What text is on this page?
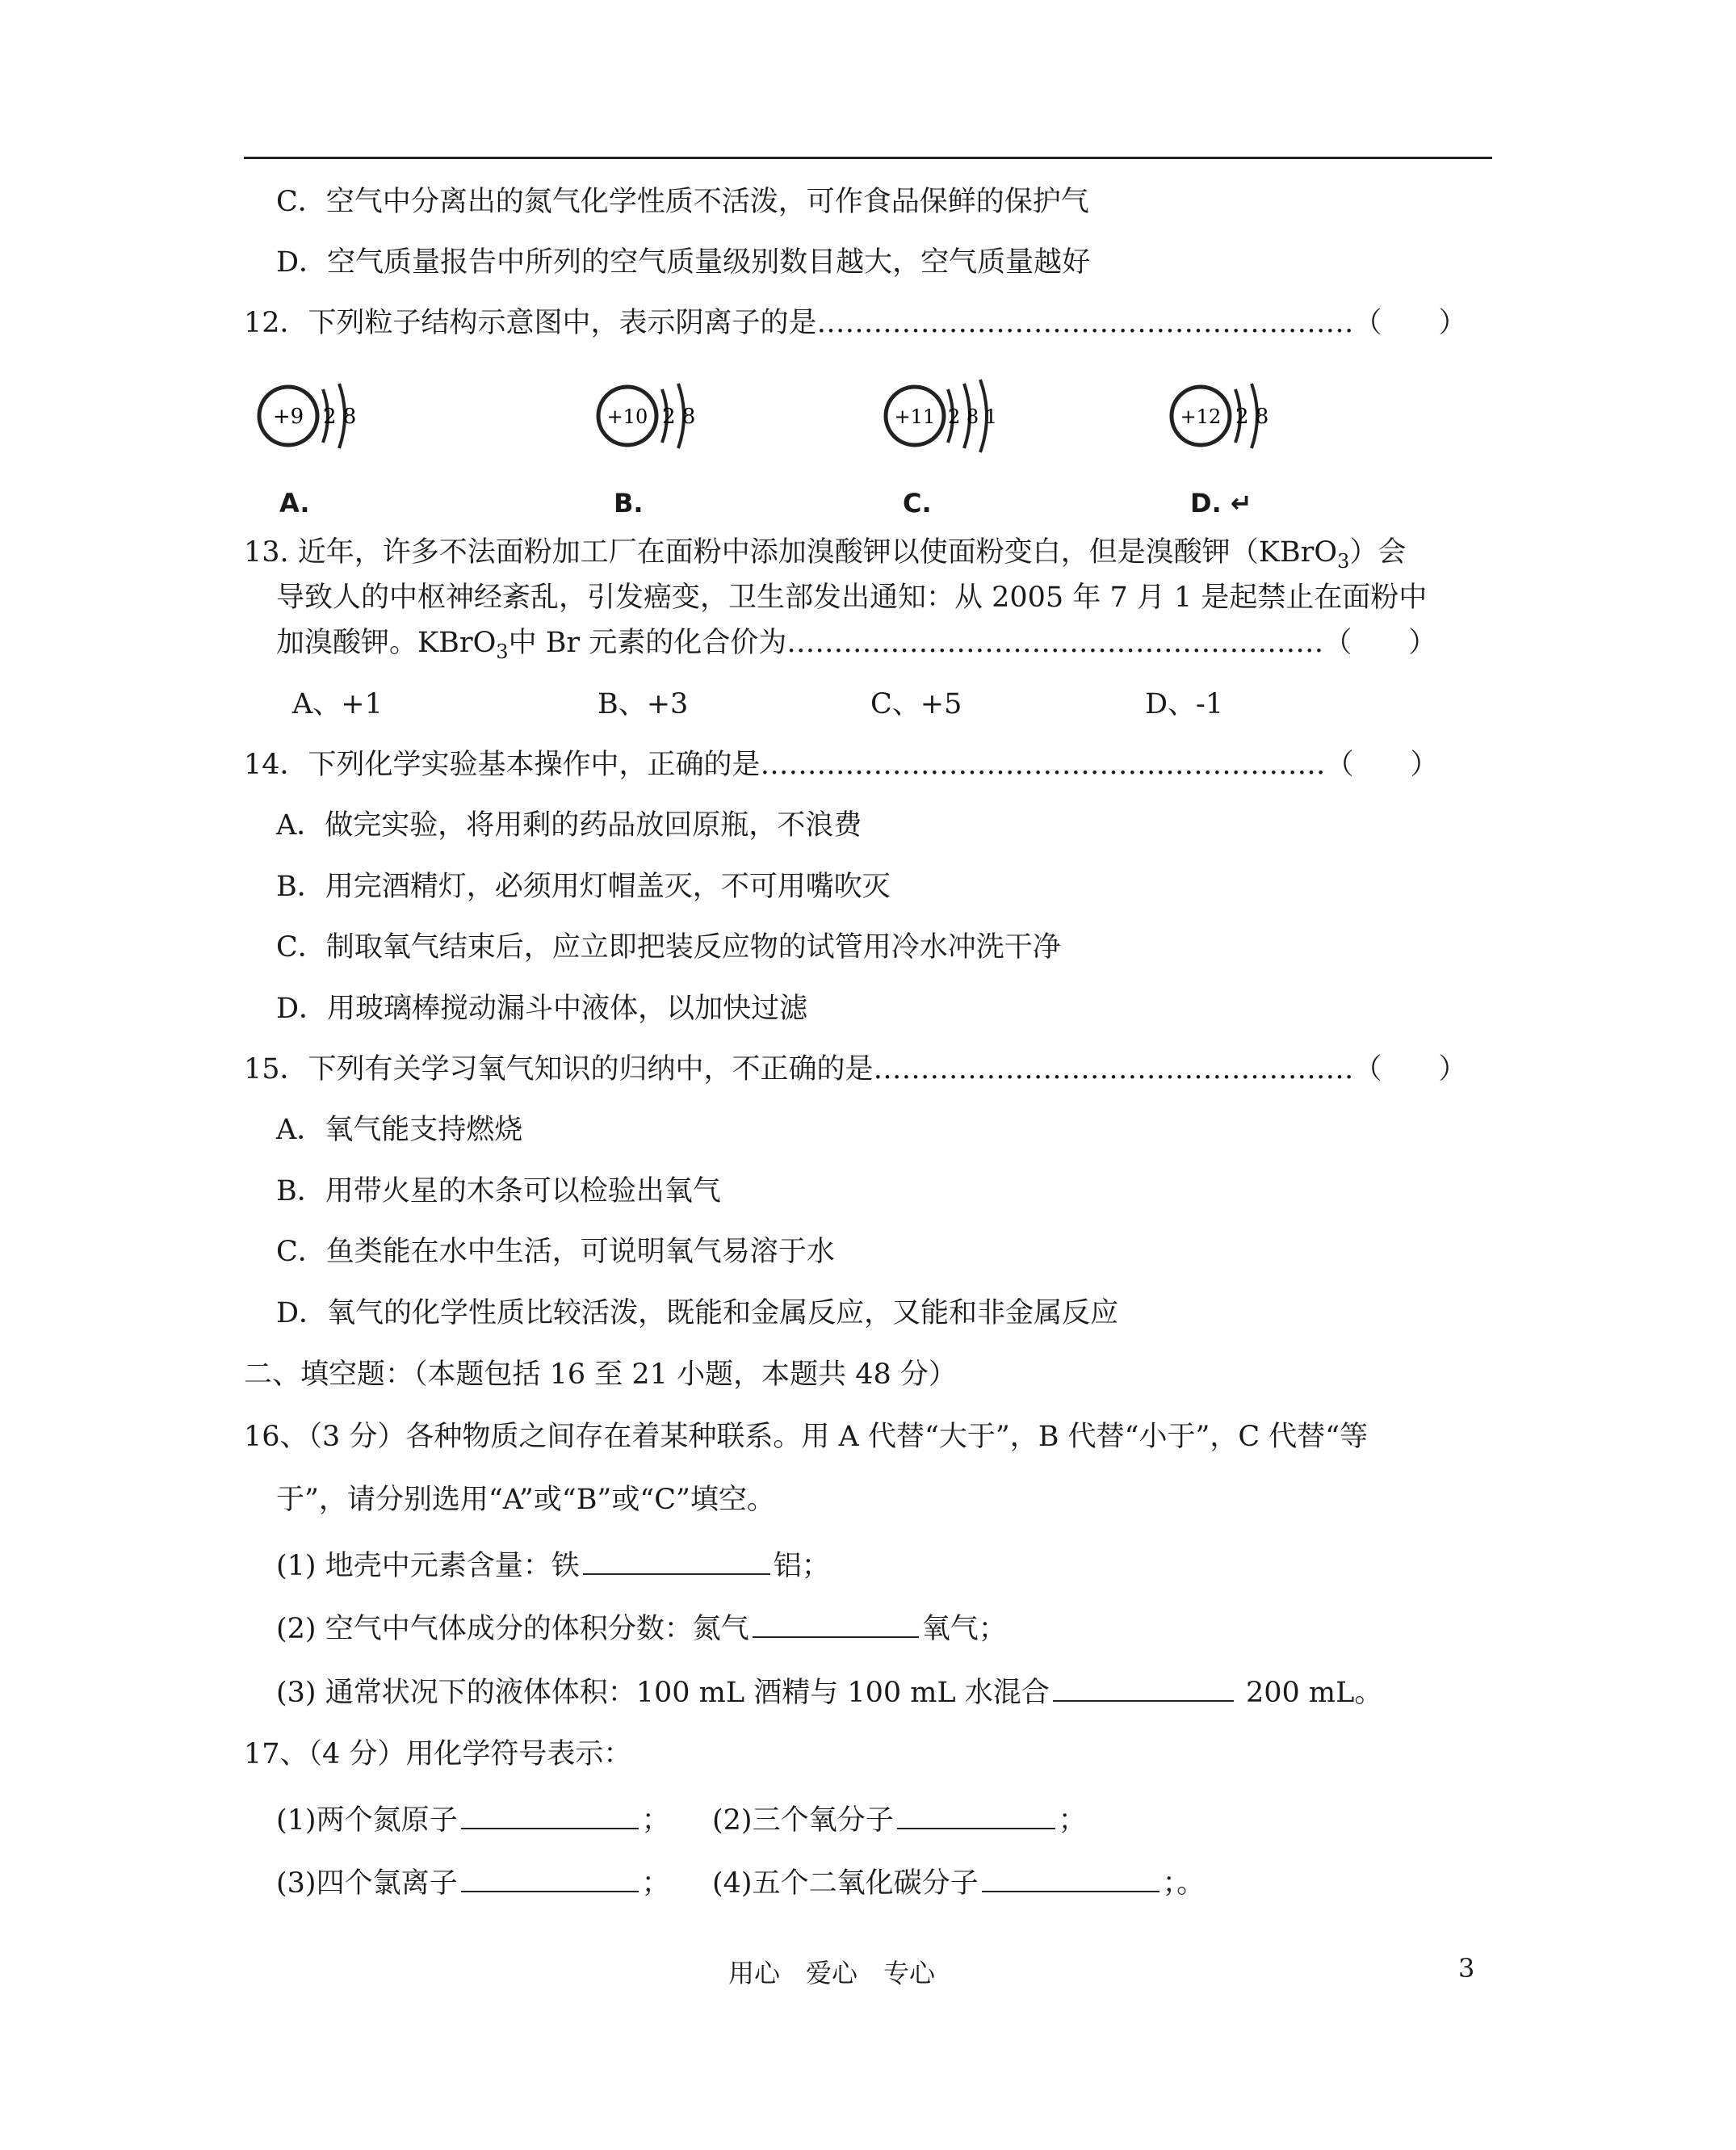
C．空气中分离出的氮气化学性质不活泼，可作食品保鲜的保护气
D．空气质量报告中所列的空气质量级别数目越大，空气质量越好
12．下列粒子结构示意图中，表示阴离子的是…………………………………………………（　　）
+9 2 8	+10 2 8	+11 2 8 1	+12 2 8
A.	B.	C.	D. ↵
13. 近年，许多不法面粉加工厂在面粉中添加溴酸钾以使面粉变白，但是溴酸钾（KBrO$_3$）会
导致人的中枢神经紊乱，引发癌变，卫生部发出通知：从 2005 年 7 月 1 是起禁止在面粉中
加溴酸钾。KBrO$_3$中 Br 元素的化合价为…………………………………………………（　　）
A、+1	B、+3	C、+5	D、-1
14．下列化学实验基本操作中，正确的是……………………………………………………（　　）
A．做完实验，将用剩的药品放回原瓶，不浪费
B．用完酒精灯，必须用灯帽盖灭，不可用嘴吹灭
C．制取氧气结束后，应立即把装反应物的试管用冷水冲洗干净
D．用玻璃棒搅动漏斗中液体，以加快过滤
15．下列有关学习氧气知识的归纳中，不正确的是……………………………………………（　　）
A．氧气能支持燃烧
B．用带火星的木条可以检验出氧气
C．鱼类能在水中生活，可说明氧气易溶于水
D．氧气的化学性质比较活泼，既能和金属反应，又能和非金属反应
二、填空题：（本题包括 16 至 21 小题，本题共 48 分）
16、（3 分）各种物质之间存在着某种联系。用 A 代替“大于”，B 代替“小于”，C 代替“等
于”，请分别选用“A”或“B”或“C”填空。
(1) 地壳中元素含量：铁	铝；
(2) 空气中气体成分的体积分数：氮气	氧气；
(3) 通常状况下的液体体积：100 mL 酒精与 100 mL 水混合	200 mL。
17、（4 分）用化学符号表示：
(1)两个氮原子	； (2)三个氧分子	；
(3)四个氯离子	； (4)五个二氧化碳分子	；。
用心　爱心　专心	3
